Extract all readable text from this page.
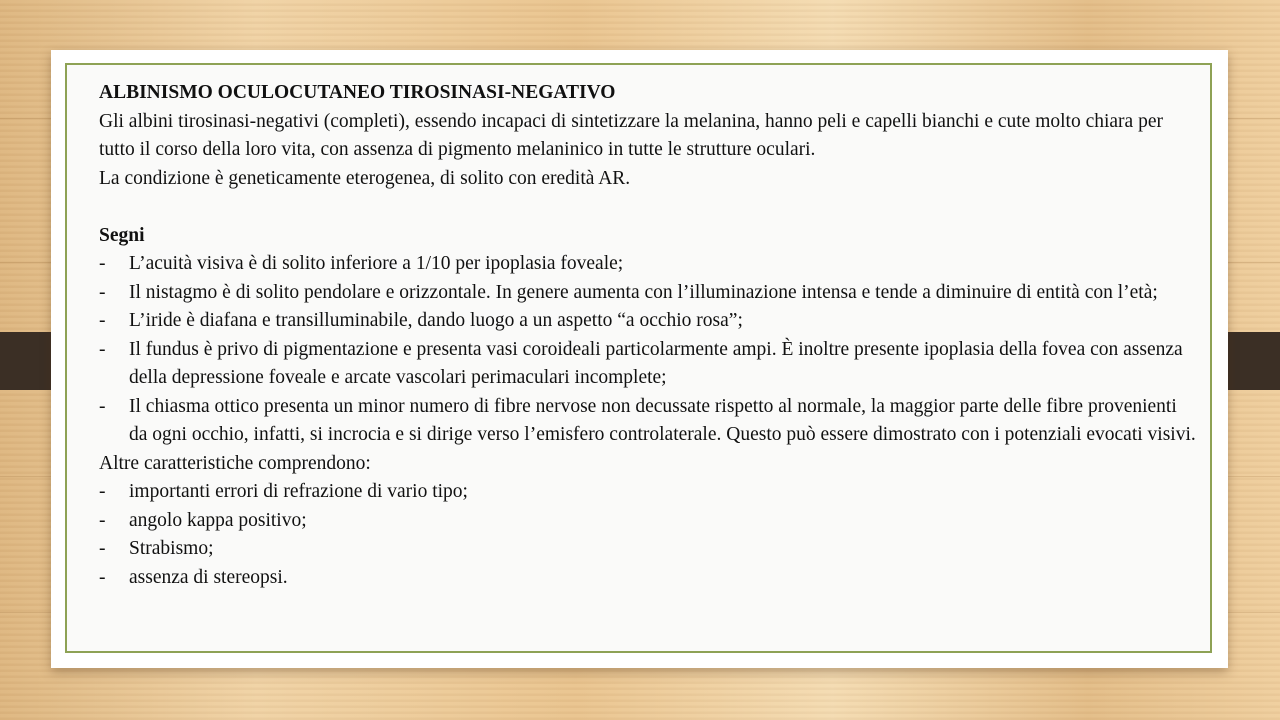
ALBINISMO OCULOCUTANEO TIROSINASI-NEGATIVO

Gli albini tirosinasi-negativi (completi), essendo incapaci di sintetizzare la melanina, hanno peli e capelli bianchi e cute molto chiara per tutto il corso della loro vita, con assenza di pigmento melaninico in tutte le strutture oculari.

La condizione è geneticamente eterogenea, di solito con eredità AR.

Segni

- L’acuità visiva è di solito inferiore a 1/10 per ipoplasia foveale;
- Il nistagmo è di solito pendolare e orizzontale. In genere aumenta con l’illuminazione intensa e tende a diminuire di entità con l’età;
- L’iride è diafana e transilluminabile, dando luogo a un aspetto “a occhio rosa”;
- Il fundus è privo di pigmentazione e presenta vasi coroideali particolarmente ampi. È inoltre presente ipoplasia della fovea con assenza della depressione foveale e arcate vascolari perimaculari incomplete;
- Il chiasma ottico presenta un minor numero di fibre nervose non decussate rispetto al normale, la maggior parte delle fibre provenienti da ogni occhio, infatti, si incrocia e si dirige verso l’emisfero controlaterale. Questo può essere dimostrato con i potenziali evocati visivi.

Altre caratteristiche comprendono:

- importanti errori di refrazione di vario tipo;
- angolo kappa positivo;
- Strabismo;
- assenza di stereopsi.
